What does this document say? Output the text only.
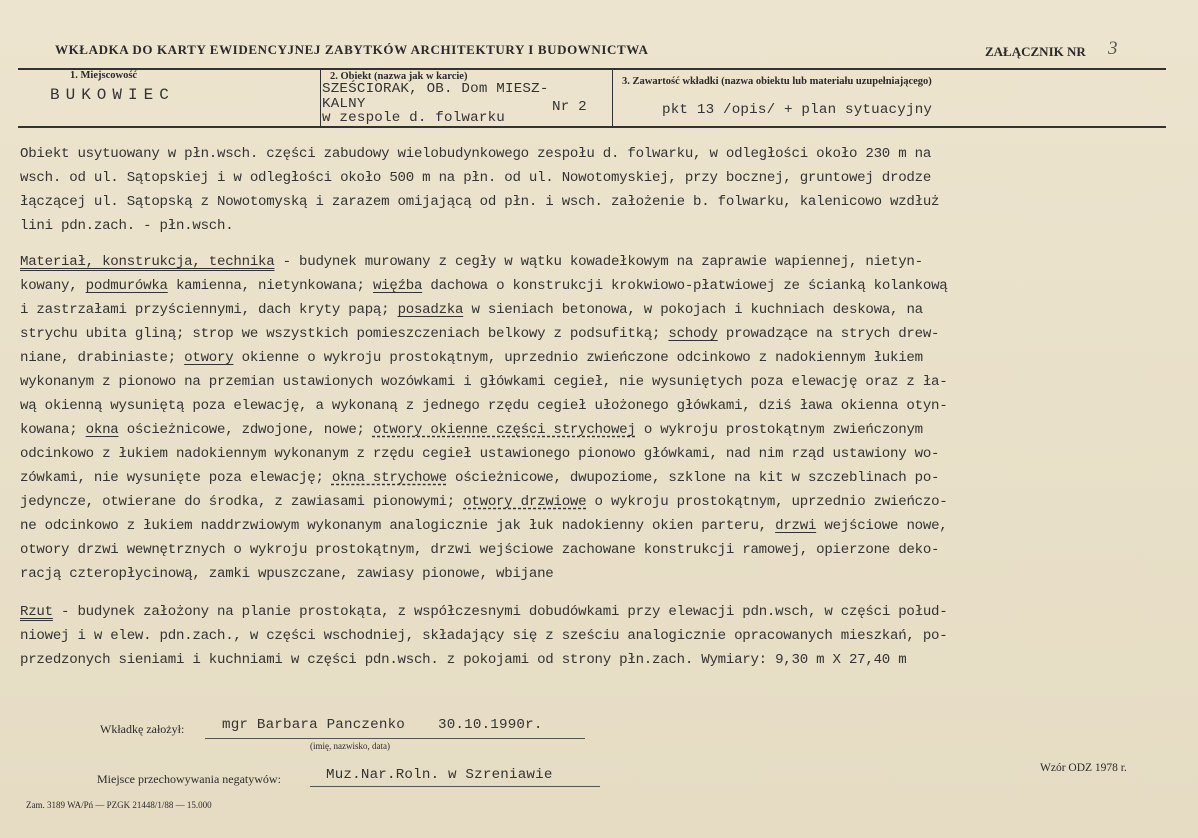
WKŁADKA DO KARTY EWIDENCYJNEJ ZABYTKÓW ARCHITEKTURY I BUDOWNICTWA	ZAŁĄCZNIK NR 3
1. Miejscowość
BUKOWIEC
2. Obiekt (nazwa jak w karcie)
SZEŚCIORAK, OB. Dom MIESZ-
KALNY	Nr 2
w zespole d. folwarku
3. Zawartość wkładki (nazwa obiektu lub materiału uzupełniającego)
pkt 13 /opis/ + plan sytuacyjny
Obiekt usytuowany w płn.wsch. części zabudowy wielobudynkowego zespołu d. folwarku, w odległości około 230 m na
wsch. od ul. Sątopskiej i w odległości około 500 m na płn. od ul. Nowotomyskiej, przy bocznej, gruntowej drodze
łączącej ul. Sątopską z Nowotomyską i zarazem omijającą od płn. i wsch. założenie b. folwarku, kalenicowo wzdłuż
lini pdn.zach. - płn.wsch.
Materiał, konstrukcja, technika - budynek murowany z cegły w wątku kowadełkowym na zaprawie wapiennej, nietyn-
kowany, podmurówka kamienna, nietynkowana; więźba dachowa o konstrukcji krokwiowo-płatwiowej ze ścianką kolankową
i zastrzałami przyściennymi, dach kryty papą; posadzka w sieniach betonowa, w pokojach i kuchniach deskowa, na
strychu ubita gliną; strop we wszystkich pomieszczeniach belkowy z podsufitką; schody prowadzące na strych drew-
niane, drabiniaste; otwory okienne o wykroju prostokątnym, uprzednio zwieńczone odcinkowo z nadokiennym łukiem
wykonanym z pionowo na przemian ustawionych wozówkami i główkami cegieł, nie wysuniętych poza elewację oraz z ła-
wą okienną wysuniętą poza elewację, a wykonaną z jednego rzędu cegieł ułożonego główkami, dziś ława okienna otyn-
kowana; okna ościeżnicowe, zdwojone, nowe; otwory okienne części strychowej o wykroju prostokątnym zwieńczonym
odcinkowo z łukiem nadokiennym wykonanym z rzędu cegieł ustawionego pionowo główkami, nad nim rząd ustawiony wo-
zówkami, nie wysunięte poza elewację; okna strychowe ościeżnicowe, dwupoziome, szklone na kit w szczeblinach po-
jedyncze, otwierane do środka, z zawiasami pionowymi; otwory drzwiowe o wykroju prostokątnym, uprzednio zwieńczo-
ne odcinkowo z łukiem naddrzwiowym wykonanym analogicznie jak łuk nadokienny okien parteru, drzwi wejściowe nowe,
otwory drzwi wewnętrznych o wykroju prostokątnym, drzwi wejściowe zachowane konstrukcji ramowej, opierzone deko-
racją czteropłycinową, zamki wpuszczane, zawiasy pionowe, wbijane
Rzut - budynek założony na planie prostokąta, z współczesnymi dobudówkami przy elewacji pdn.wsch, w części połud-
niowej i w elew. pdn.zach., w części wschodniej, składający się z sześciu analogicznie opracowanych mieszkań, po-
przedzonych sieniami i kuchniami w części pdn.wsch. z pokojami od strony płn.zach. Wymiary: 9,30 m X 27,40 m
Wkładkę założył:	mgr Barbara Panczenko 30.10.1990r.
(imię, nazwisko, data)
Miejsce przechowywania negatywów:	Muz.Nar.Roln. w Szreniawie	Wzór ODZ 1978 r.
Zam. 3189 WA/Pń — PZGK 21448/1/88 — 15.000
